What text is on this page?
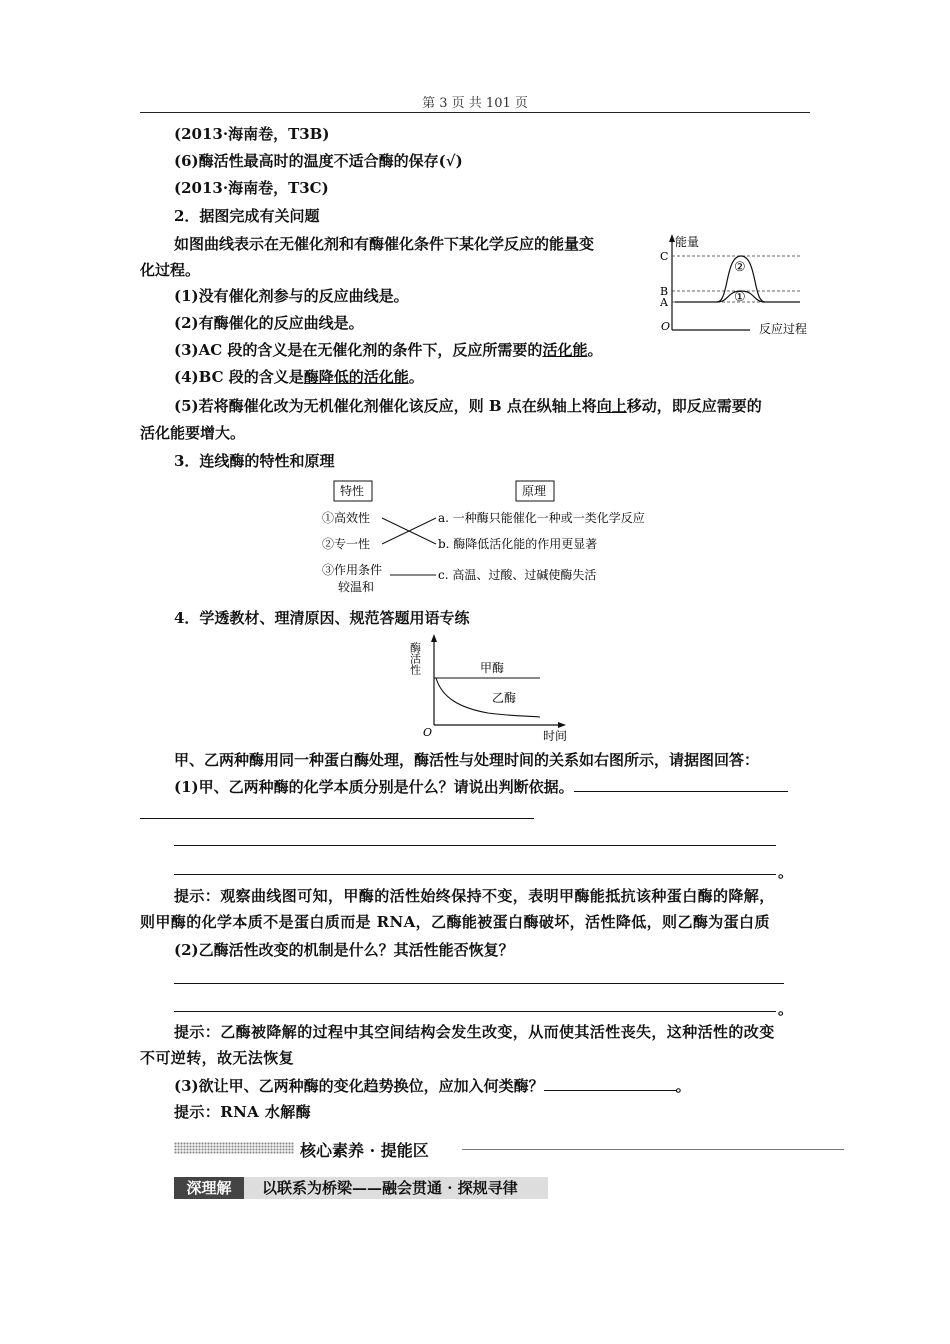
第 3 页 共 101 页
(2013·海南卷，T3B)
(6)酶活性最高时的温度不适合酶的保存(√)
(2013·海南卷，T3C)
2．据图完成有关问题
如图曲线表示在无催化剂和有酶催化条件下某化学反应的能量变
化过程。
(1)没有催化剂参与的反应曲线是。
(2)有酶催化的反应曲线是。
(3)AC 段的含义是在无催化剂的条件下，反应所需要的活化能。
(4)BC 段的含义是酶降低的活化能。
(5)若将酶催化改为无机催化剂催化该反应，则 B 点在纵轴上将向上移动，即反应需要的
活化能要增大。
能量
反应过程
O
C
B
A
②
①
3．连线酶的特性和原理
特性	原理
①高效性
②专一性
③作用条件
较温和
a. 一种酶只能催化一种或一类化学反应
b. 酶降低活化能的作用更显著
c. 高温、过酸、过碱使酶失活
4．学透教材、理清原因、规范答题用语专练
酶活性
时间
O
甲酶
乙酶
甲、乙两种酶用同一种蛋白酶处理，酶活性与处理时间的关系如右图所示，请据图回答：
(1)甲、乙两种酶的化学本质分别是什么？请说出判断依据。
。
提示：观察曲线图可知，甲酶的活性始终保持不变，表明甲酶能抵抗该种蛋白酶的降解，
则甲酶的化学本质不是蛋白质而是 RNA，乙酶能被蛋白酶破坏，活性降低，则乙酶为蛋白质
(2)乙酶活性改变的机制是什么？其活性能否恢复？
。
提示：乙酶被降解的过程中其空间结构会发生改变，从而使其活性丧失，这种活性的改变
不可逆转，故无法恢复
(3)欲让甲、乙两种酶的变化趋势换位，应加入何类酶？	。
提示：RNA 水解酶
核心素养 · 提能区
深理解	以联系为桥梁——融会贯通 · 探规寻律
